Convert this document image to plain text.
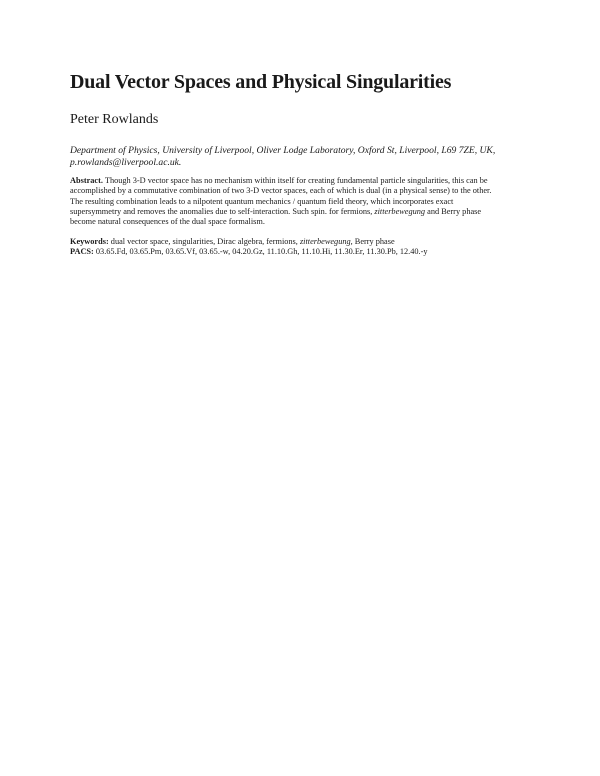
Dual Vector Spaces and Physical Singularities

Peter Rowlands

Department of Physics, University of Liverpool, Oliver Lodge Laboratory, Oxford St, Liverpool, L69 7ZE, UK,
p.rowlands@liverpool.ac.uk.

Abstract. Though 3-D vector space has no mechanism within itself for creating fundamental particle singularities, this can be
accomplished by a commutative combination of two 3-D vector spaces, each of which is dual (in a physical sense) to the other.
The resulting combination leads to a nilpotent quantum mechanics / quantum field theory, which incorporates exact
supersymmetry and removes the anomalies due to self-interaction. Such spin. for fermions, zitterbewegung and Berry phase
become natural consequences of the dual space formalism.
Keywords: dual vector space, singularities, Dirac algebra, fermions, zitterbewegung, Berry phase
PACS: 03.65.Fd, 03.65.Pm, 03.65.Vf, 03.65.-w, 04.20.Gz, 11.10.Gh, 11.10.Hi, 11.30.Er, 11.30.Pb, 12.40.-y
